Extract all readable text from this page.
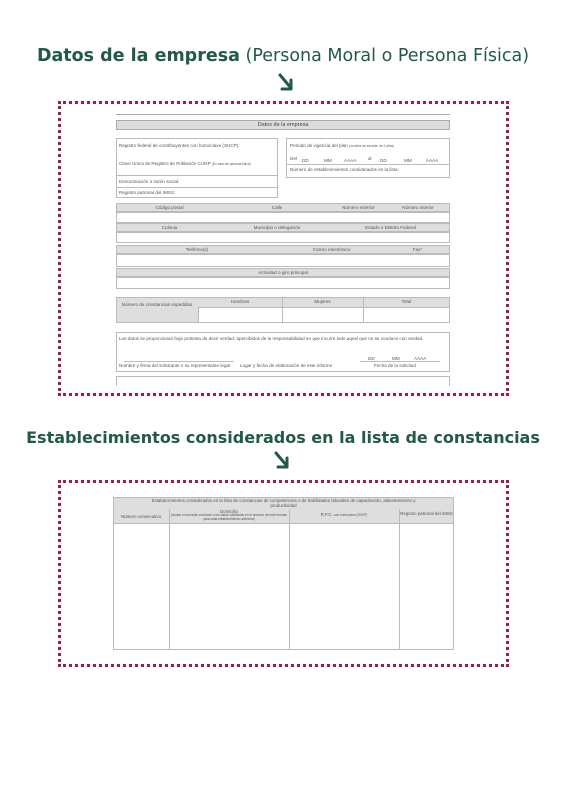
Datos de la empresa (Persona Moral o Persona Física)
Datos de la empresa
Registro federal de contribuyentes con homoclave (SHCP):
Clave Única de Registro de Población CURP (En caso de persona física)
Denominación o razón social:
Registro patronal del IMSS:
Periodo de vigencia del plan (no debe de exceder de 2 años)
Del DD	MM	AAAA	al DD	MM	AAAA
Número de establecimientos considerados en la lista:
Código postal	Calle	Número exterior	Número interior
Colonia	Municipio o delegación	Estado o Distrito Federal
Teléfono(s)	Correo electrónico	Fax*
Actividad o giro principal
Número de constancias expedidas
Hombres	Mujeres	Total
Los datos se proporcionan bajo protesta de decir verdad, apercibidos de la responsabilidad en que incurre todo aquel que no se conduce con verdad.
DD	MM	AAAA
Nombre y firma del solicitante o su representante legal Lugar y fecha de elaboración de este informe	Fecha de la solicitud
Establecimientos considerados en la lista de constancias
Establecimientos considerados en la lista de constancias de competencias o de habilidades laborales de capacitación, adiestramiento y productividad
Número consecutivo
Domicilio
(Anotar el domicilio conforme a los datos solicitados en el anverso de este formato para cada establecimiento adicional)
R.F.C. con homoclave (SHCP)	Registro patronal del IMSS
